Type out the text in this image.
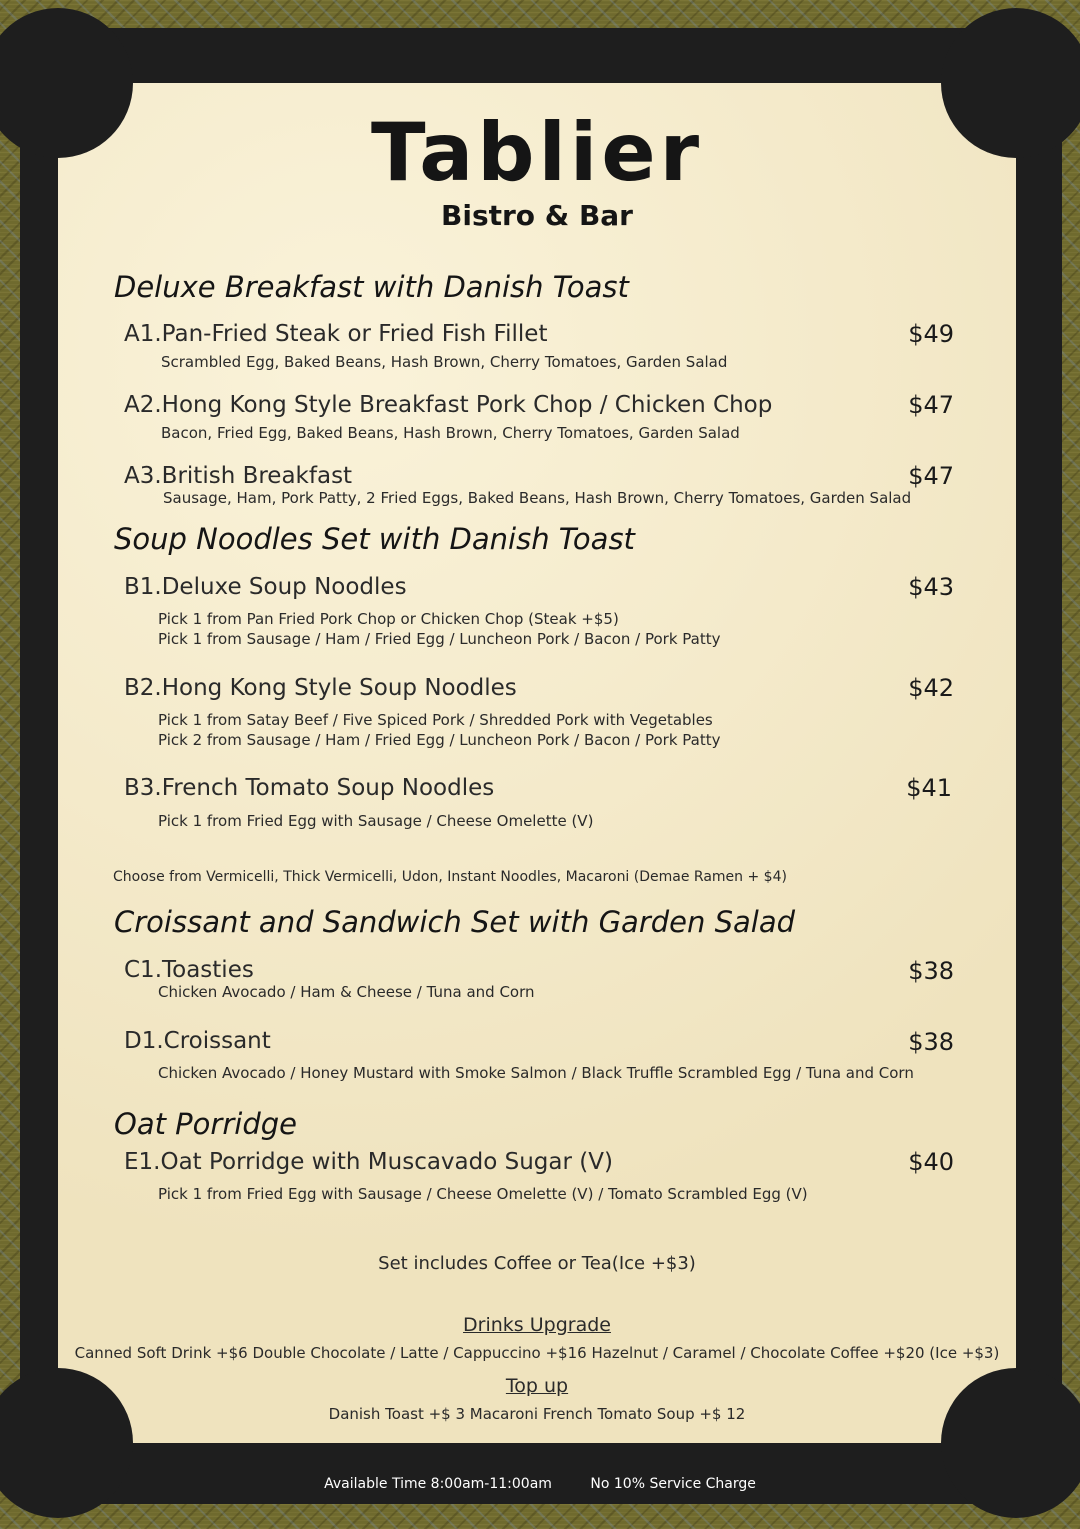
Tablier
Bistro & Bar
Deluxe Breakfast with Danish Toast
A1.Pan-Fried Steak or Fried Fish Fillet	$49
Scrambled Egg, Baked Beans, Hash Brown, Cherry Tomatoes, Garden Salad
A2.Hong Kong Style Breakfast Pork Chop / Chicken Chop	$47
Bacon, Fried Egg, Baked Beans, Hash Brown, Cherry Tomatoes, Garden Salad
A3.British Breakfast	$47
Sausage, Ham, Pork Patty, 2 Fried Eggs, Baked Beans, Hash Brown, Cherry Tomatoes, Garden Salad
Soup Noodles Set with Danish Toast
B1.Deluxe Soup Noodles	$43
Pick 1 from Pan Fried Pork Chop or Chicken Chop (Steak +$5)
Pick 1 from Sausage / Ham / Fried Egg / Luncheon Pork / Bacon / Pork Patty
B2.Hong Kong Style Soup Noodles	$42
Pick 1 from Satay Beef / Five Spiced Pork / Shredded Pork with Vegetables
Pick 2 from Sausage / Ham / Fried Egg / Luncheon Pork / Bacon / Pork Patty
B3.French Tomato Soup Noodles	$41
Pick 1 from Fried Egg with Sausage / Cheese Omelette (V)
Choose from Vermicelli, Thick Vermicelli, Udon, Instant Noodles, Macaroni (Demae Ramen + $4)
Croissant and Sandwich Set with Garden Salad
C1.Toasties	$38
Chicken Avocado / Ham & Cheese / Tuna and Corn
D1.Croissant	$38
Chicken Avocado / Honey Mustard with Smoke Salmon / Black Truffle Scrambled Egg / Tuna and Corn
Oat Porridge
E1.Oat Porridge with Muscavado Sugar (V)	$40
Pick 1 from Fried Egg with Sausage / Cheese Omelette (V) / Tomato Scrambled Egg (V)
Set includes Coffee or Tea(Ice +$3)
Drinks Upgrade
Canned Soft Drink +$6 Double Chocolate / Latte / Cappuccino +$16 Hazelnut / Caramel / Chocolate Coffee +$20 (Ice +$3)
Top up
Danish Toast +$ 3 Macaroni French Tomato Soup +$ 12
Available Time 8:00am-11:00am	No 10% Service Charge
